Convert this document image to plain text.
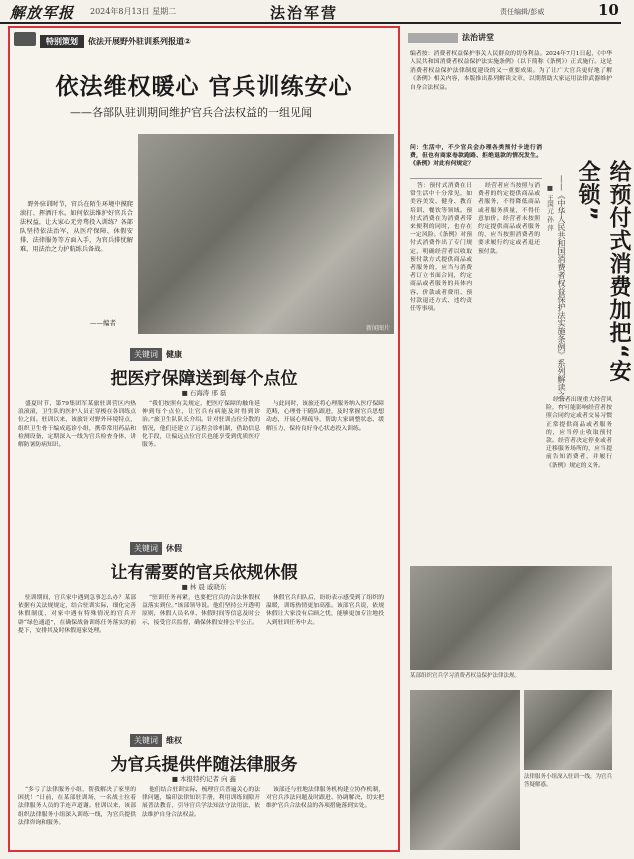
解放军报 2024年8月13日 星期二	法治军营	责任编辑/彭威	10
特别策划	依法开展野外驻训系列报道②
依法维权暖心 官兵训练安心
——各部队驻训期间维护官兵合法权益的一组见闻
新闻图片
野外驻训时节，官兵在陌生环境中摸爬滚打、挥洒汗水。如何依法维护好官兵合法权益，让大家心无旁骛投入训练？各部队坚持依法治军，从医疗保障、休假安排、法律服务等方面入手，为官兵排忧解难，用法治之力护航练兵备战。
——编者
关键词	健康
把医疗保障送到每个点位
■ 石海涛 邢 磊
盛夏时节，第79集团军某旅驻训营区内热浪滚滚，卫生队的医护人员正穿梭在各训练点位之间。驻训以来，该旅针对野外环境特点，组织卫生骨干编成巡诊小组，携带常用药品和检测设备，定期深入一线为官兵检查身体，讲解防暑防病知识。
“我们按照有关规定，把医疗保障的触角延伸到每个点位，让官兵有病能及时得到诊治。”旅卫生队队长介绍。针对驻训点位分散的情况，他们还建立了远程会诊机制，借助信息化手段，让偏远点位官兵也能享受到优质医疗服务。
与此同时，该旅还将心理服务纳入医疗保障范畴，心理骨干随队跟进，及时掌握官兵思想动态，开展心理疏导，帮助大家调整状态、缓解压力，保持良好身心状态投入训练。
关键词	休假
让有需要的官兵依规休假
■ 林 晨 戚晓东
驻训期间，官兵家中遇到急事怎么办？某部依据有关法规规定，结合驻训实际，细化完善休假制度，对家中遇有特殊情况的官兵开辟“绿色通道”，在确保战备训练任务落实的前提下，安排其及时休假返家处理。
“驻训任务再紧，也要把官兵的合法休假权益落实到位。”该部领导说。他们坚持公开透明原则，休假人员名单、休假时间等信息及时公示，接受官兵监督，确保休假安排公平公正。
休假官兵归队后，纷纷表示感受到了组织的温暖，训练热情更加高涨。该部官兵说，依规休假让大家没有后顾之忧，能够更加专注地投入到驻训任务中去。
关键词	维权
为官兵提供伴随法律服务
■ 本报特约记者 向 鑫
“多亏了法律服务小组，帮我解决了家里的困扰！”日前，在某部驻训场，一名战士拉着法律服务人员的手连声道谢。驻训以来，该部组织法律服务小组深入训练一线，为官兵提供法律咨询和服务。
他们结合驻训实际，梳理官兵普遍关心的法律问题，编印法律知识手册，利用训练间隙开展普法教育，引导官兵学法知法守法用法，依法维护自身合法权益。
该部还与驻地法律服务机构建立协作机制，对官兵涉法问题及时跟进、协调解决，切实把维护官兵合法权益的各项措施落到实处。
法治讲堂
编者按：消费者权益保护事关人民群众的切身利益。2024年7月1日起，《中华人民共和国消费者权益保护法实施条例》（以下简称《条例》）正式施行。这是消费者权益保护法律制度建设的又一重要成果。为了让广大官兵更好地了解《条例》相关内容，本版推出系列解读文章，以期帮助大家运用法律武器维护自身合法权益。
问：生活中，不少官兵会办理各类预付卡进行消费，但也有商家卷款跑路、拒绝退款的情况发生。《条例》对此有何规定？	给预付式消费加把“安全锁”
——《中华人民共和国消费者权益保护法实施条例》系列解读之二
■ 王国元 孙 萍
答：预付式消费在日常生活中十分常见，如美容美发、健身、教育培训、餐饮等领域。预付式消费在为消费者带来便利的同时，也存在一定风险。《条例》对预付式消费作出了专门规定，明确经营者以收取预付款方式提供商品或者服务的，应当与消费者订立书面合同，约定商品或者服务的具体内容、价款或者费用、预付款退还方式、违约责任等事项。
经营者应当按照与消费者的约定提供商品或者服务，不得降低商品或者服务质量，不得任意加价。经营者未按照约定提供商品或者服务的，应当按照消费者的要求履行约定或者退还预付款。
经营者出现重大经营风险，有可能影响经营者按照合同约定或者交易习惯正常提供商品或者服务的，应当停止收取预付款。经营者决定停业或者迁移服务场所的，应当提前告知消费者，并履行《条例》规定的义务。
某部组织官兵学习消费者权益保护法律法规。
法律服务小组深入驻训一线，为官兵答疑解惑。
